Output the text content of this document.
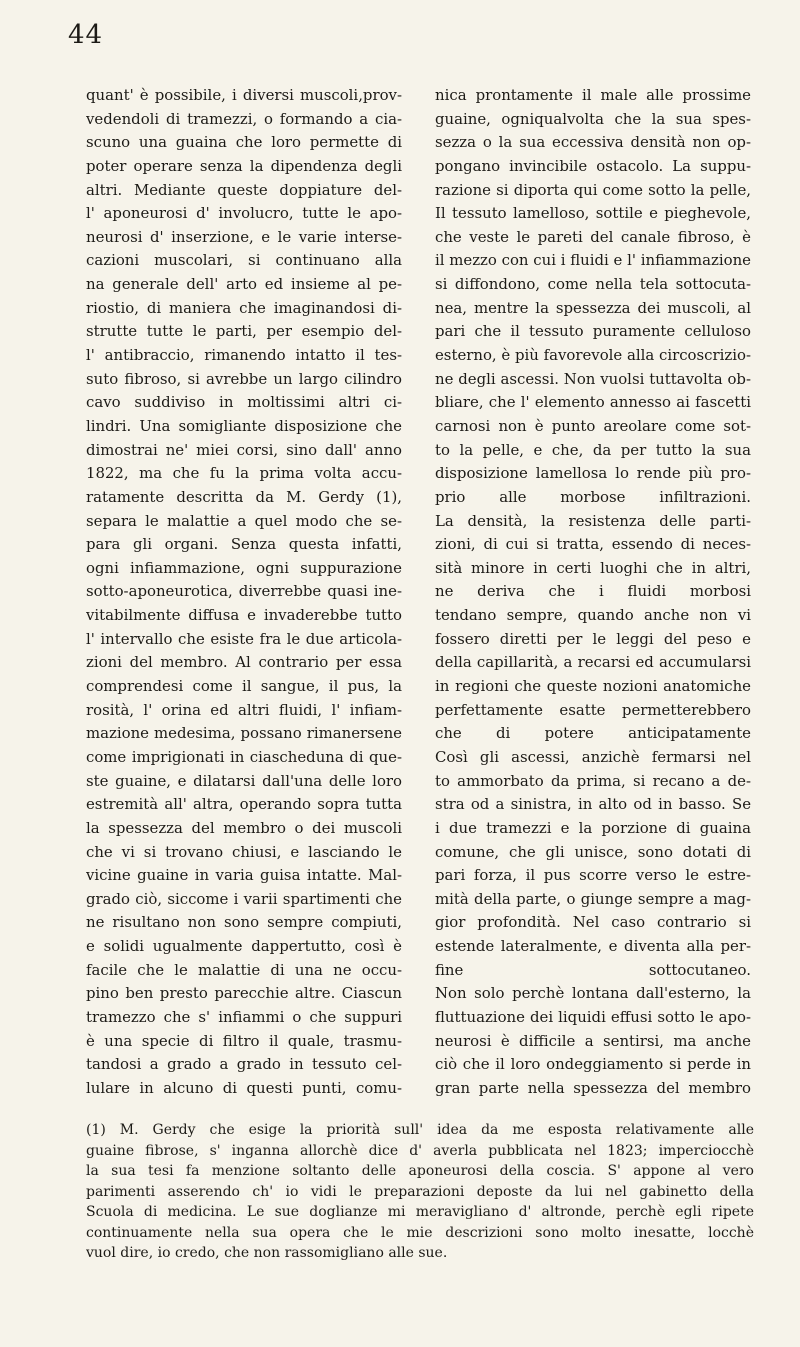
44
quant' è possibile, i diversi muscoli,prov-
vedendoli di tramezzi, o formando a cia-
scuno una guaina che loro permette di
poter operare senza la dipendenza degli
altri. Mediante queste doppiature del-
l' aponeurosi d' involucro, tutte le apo-
neurosi d' inserzione, e le varie interse-
cazioni muscolari, si continuano alla
na generale dell' arto ed insieme al pe-
riostio, di maniera che imaginandosi di-
strutte tutte le parti, per esempio del-
l' antibraccio, rimanendo intatto il tes-
suto fibroso, si avrebbe un largo cilindro
cavo suddiviso in moltissimi altri ci-
lindri. Una somigliante disposizione che
dimostrai ne' miei corsi, sino dall' anno
1822, ma che fu la prima volta accu-
ratamente descritta da M. Gerdy (1),
separa le malattie a quel modo che se-
para gli organi. Senza questa infatti,
ogni infiammazione, ogni suppurazione
sotto-aponeurotica, diverrebbe quasi ine-
vitabilmente diffusa e invaderebbe tutto
l' intervallo che esiste fra le due articola-
zioni del membro. Al contrario per essa
comprendesi come il sangue, il pus, la
rosità, l' orina ed altri fluidi, l' infiam-
mazione medesima, possano rimanersene
come imprigionati in ciascheduna di que-
ste guaine, e dilatarsi dall'una delle loro
estremità all' altra, operando sopra tutta
la spessezza del membro o dei muscoli
che vi si trovano chiusi, e lasciando le
vicine guaine in varia guisa intatte. Mal-
grado ciò, siccome i varii spartimenti che
ne risultano non sono sempre compiuti,
e solidi ugualmente dappertutto, così è
facile che le malattie di una ne occu-
pino ben presto parecchie altre. Ciascun
tramezzo che s' infiammi o che suppuri
è una specie di filtro il quale, trasmu-
tandosi a grado a grado in tessuto cel-
lulare in alcuno di questi punti, comu-
nica prontamente il male alle prossime
guaine, ogniqualvolta che la sua spes-
sezza o la sua eccessiva densità non op-
pongano invincibile ostacolo. La suppu-
razione si diporta qui come sotto la pelle,
Il tessuto lamelloso, sottile e pieghevole,
che veste le pareti del canale fibroso, è
il mezzo con cui i fluidi e l' infiammazione
si diffondono, come nella tela sottocuta-
nea, mentre la spessezza dei muscoli, al
pari che il tessuto puramente celluloso
esterno, è più favorevole alla circoscrizio-
ne degli ascessi. Non vuolsi tuttavolta ob-
bliare, che l' elemento annesso ai fascetti
carnosi non è punto areolare come sot-
to la pelle, e che, da per tutto la sua
disposizione lamellosa lo rende più pro-
prio alle morbose infiltrazioni.
La densità, la resistenza delle parti-
zioni, di cui si tratta, essendo di neces-
sità minore in certi luoghi che in altri,
ne deriva che i fluidi morbosi
tendano sempre, quando anche non vi
fossero diretti per le leggi del peso e
della capillarità, a recarsi ed accumularsi
in regioni che queste nozioni anatomiche
perfettamente esatte permetterebbero
che di potere anticipatamente
Così gli ascessi, anzichè fermarsi nel
to ammorbato da prima, si recano a de-
stra od a sinistra, in alto od in basso. Se
i due tramezzi e la porzione di guaina
comune, che gli unisce, sono dotati di
pari forza, il pus scorre verso le estre-
mità della parte, o giunge sempre a mag-
gior profondità. Nel caso contrario si
estende lateralmente, e diventa alla per-
fine sottocutaneo.
Non solo perchè lontana dall'esterno, la
fluttuazione dei liquidi effusi sotto le apo-
neurosi è difficile a sentirsi, ma anche
ciò che il loro ondeggiamento si perde in
gran parte nella spessezza del membro
(1) M. Gerdy che esige la priorità sull' idea da me esposta relativamente alle
guaine fibrose, s' inganna allorchè dice d' averla pubblicata nel 1823; imperciocchè
la sua tesi fa menzione soltanto delle aponeurosi della coscia. S' appone al vero
parimenti asserendo ch' io vidi le preparazioni deposte da lui nel gabinetto della
Scuola di medicina. Le sue doglianze mi meravigliano d' altronde, perchè egli ripete
continuamente nella sua opera che le mie descrizioni sono molto inesatte, locchè
vuol dire, io credo, che non rassomigliano alle sue.
